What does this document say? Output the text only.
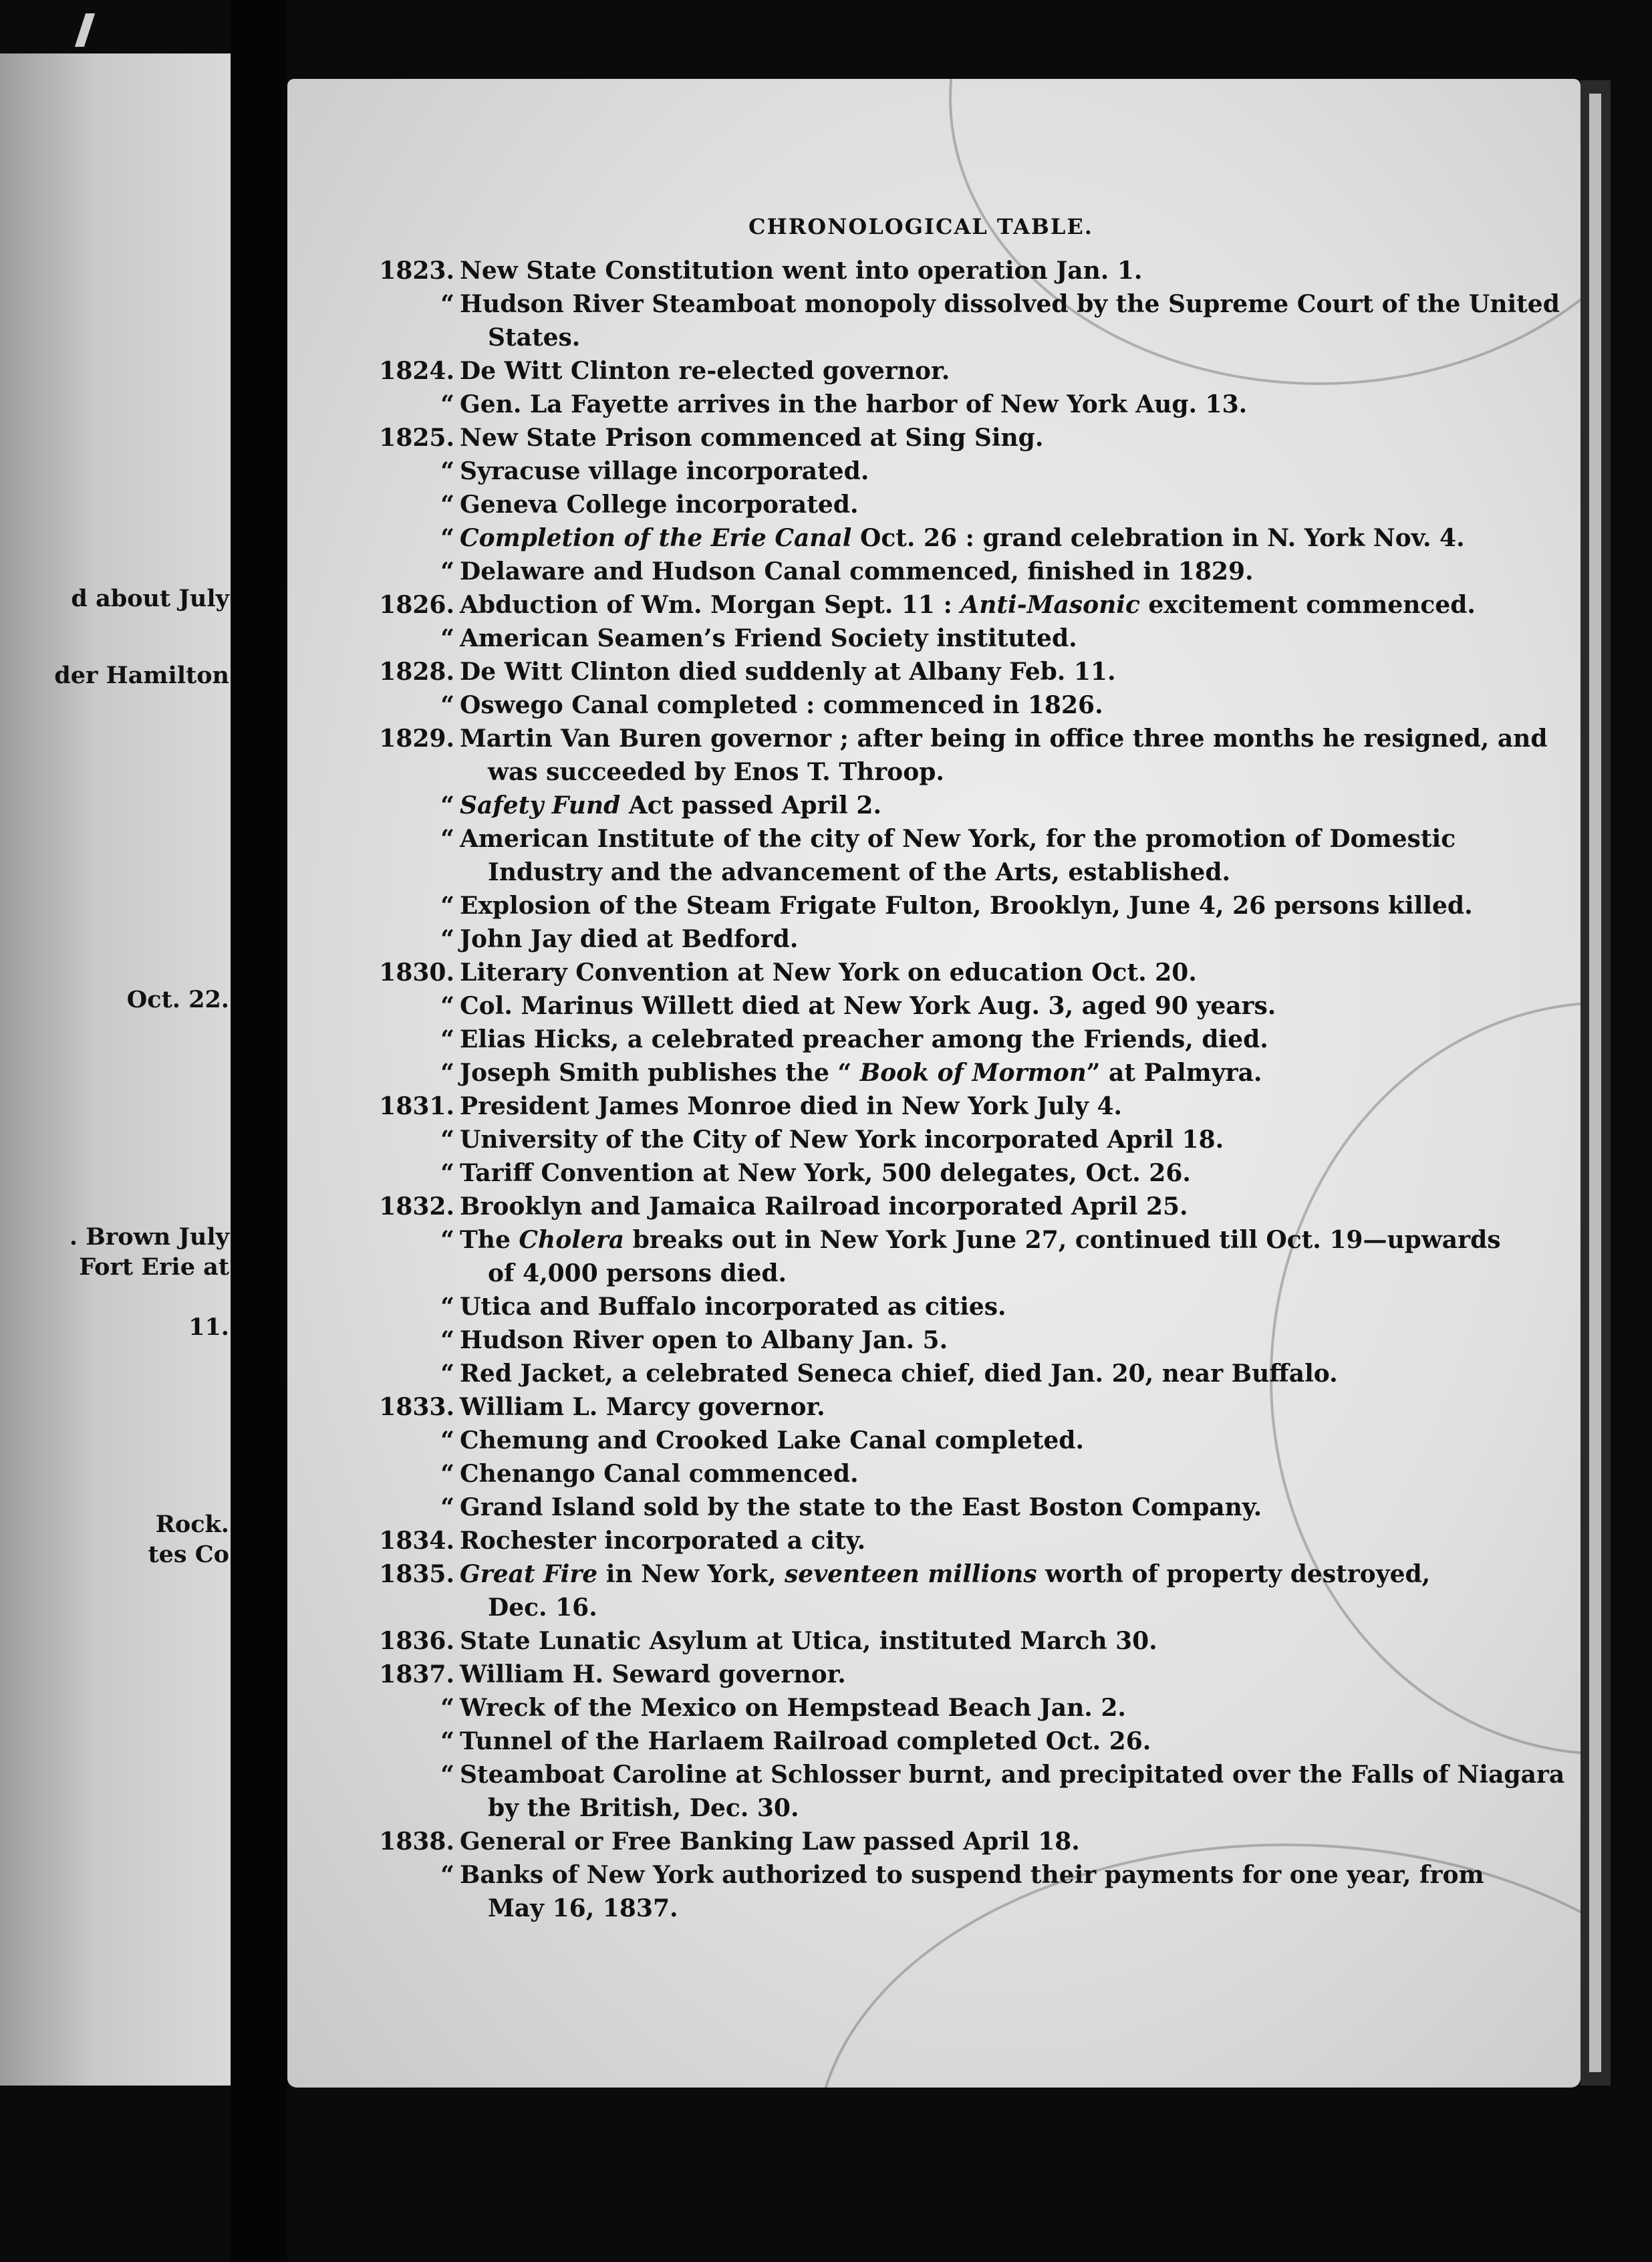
d about July
der Hamilton
Oct. 22.
. Brown July
Fort Erie at
11.
Rock.
tes Co
CHRONOLOGICAL TABLE.
1823. New State Constitution went into operation Jan. 1.
“ Hudson River Steamboat monopoly dissolved by the Supreme Court of the United
States.
1824. De Witt Clinton re-elected governor.
“ Gen. La Fayette arrives in the harbor of New York Aug. 13.
1825. New State Prison commenced at Sing Sing.
“ Syracuse village incorporated.
“ Geneva College incorporated.
“ Completion of the Erie Canal Oct. 26 : grand celebration in N. York Nov. 4.
“ Delaware and Hudson Canal commenced, finished in 1829.
1826. Abduction of Wm. Morgan Sept. 11 : Anti-Masonic excitement commenced.
“ American Seamen’s Friend Society instituted.
1828. De Witt Clinton died suddenly at Albany Feb. 11.
“ Oswego Canal completed : commenced in 1826.
1829. Martin Van Buren governor ; after being in office three months he resigned, and
was succeeded by Enos T. Throop.
“ Safety Fund Act passed April 2.
“ American Institute of the city of New York, for the promotion of Domestic
Industry and the advancement of the Arts, established.
“ Explosion of the Steam Frigate Fulton, Brooklyn, June 4, 26 persons killed.
“ John Jay died at Bedford.
1830. Literary Convention at New York on education Oct. 20.
“ Col. Marinus Willett died at New York Aug. 3, aged 90 years.
“ Elias Hicks, a celebrated preacher among the Friends, died.
“ Joseph Smith publishes the “ Book of Mormon” at Palmyra.
1831. President James Monroe died in New York July 4.
“ University of the City of New York incorporated April 18.
“ Tariff Convention at New York, 500 delegates, Oct. 26.
1832. Brooklyn and Jamaica Railroad incorporated April 25.
“ The Cholera breaks out in New York June 27, continued till Oct. 19—upwards
of 4,000 persons died.
“ Utica and Buffalo incorporated as cities.
“ Hudson River open to Albany Jan. 5.
“ Red Jacket, a celebrated Seneca chief, died Jan. 20, near Buffalo.
1833. William L. Marcy governor.
“ Chemung and Crooked Lake Canal completed.
“ Chenango Canal commenced.
“ Grand Island sold by the state to the East Boston Company.
1834. Rochester incorporated a city.
1835. Great Fire in New York, seventeen millions worth of property destroyed,
Dec. 16.
1836. State Lunatic Asylum at Utica, instituted March 30.
1837. William H. Seward governor.
“ Wreck of the Mexico on Hempstead Beach Jan. 2.
“ Tunnel of the Harlaem Railroad completed Oct. 26.
“ Steamboat Caroline at Schlosser burnt, and precipitated over the Falls of Niagara
by the British, Dec. 30.
1838. General or Free Banking Law passed April 18.
“ Banks of New York authorized to suspend their payments for one year, from
May 16, 1837.
